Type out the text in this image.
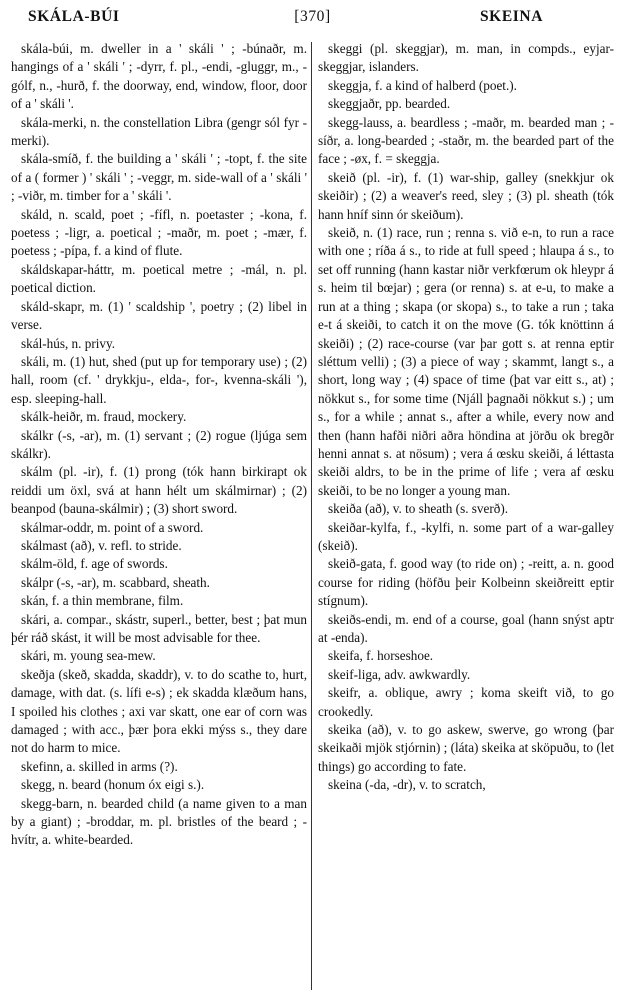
SKÁLA-BÚI	[370]	SKEINA

skála-búi, m. dweller in a ' skáli ' ; -búnaðr, m. hangings of a ' skáli ' ; -dyrr, f. pl., -endi, -gluggr, m., -gólf, n., -hurð, f. the doorway, end, window, floor, door of a ' skáli '.

skála-merki, n. the constellation Libra (gengr sól fyr -merki).

skála-smíð, f. the building a ' skáli ' ; -topt, f. the site of a ( former ) ' skáli ' ; -veggr, m. side-wall of a ' skáli ' ; -viðr, m. timber for a ' skáli '.

skáld, n. scald, poet ; -fífl, n. poetaster ; -kona, f. poetess ; -ligr, a. poetical ; -maðr, m. poet ; -mær, f. poetess ; -pípa, f. a kind of flute.

skáldskapar-háttr, m. poetical metre ; -mál, n. pl. poetical diction.

skáld-skapr, m. (1) ' scaldship ', poetry ; (2) libel in verse.

skál-hús, n. privy.

skáli, m. (1) hut, shed (put up for temporary use) ; (2) hall, room (cf. ' drykkju-, elda-, for-, kvenna-skáli '), esp. sleeping-hall.

skálk-heiðr, m. fraud, mockery.

skálkr (-s, -ar), m. (1) servant ; (2) rogue (ljúga sem skálkr).

skálm (pl. -ir), f. (1) prong (tók hann birkirapt ok reiddi um öxl, svá at hann hélt um skálmirnar) ; (2) beanpod (bauna-skálmir) ; (3) short sword.

skálmar-oddr, m. point of a sword.

skálmast (að), v. refl. to stride.

skálm-öld, f. age of swords.

skálpr (-s, -ar), m. scabbard, sheath.

skán, f. a thin membrane, film.

skári, a. compar., skástr, superl., better, best ; þat mun þér ráð skást, it will be most advisable for thee.

skári, m. young sea-mew.

skeðja (skeð, skadda, skaddr), v. to do scathe to, hurt, damage, with dat. (s. lífi e-s) ; ek skadda klæðum hans, I spoiled his clothes ; axi var skatt, one ear of corn was damaged ; with acc., þær þora ekki mýss s., they dare not do harm to mice.

skefinn, a. skilled in arms (?).

skegg, n. beard (honum óx eigi s.).

skegg-barn, n. bearded child (a name given to a man by a giant) ; -broddar, m. pl. bristles of the beard ; -hvítr, a. white-bearded.

skeggi (pl. skeggjar), m. man, in compds., eyjar-skeggjar, islanders.

skeggja, f. a kind of halberd (poet.).

skeggjaðr, pp. bearded.

skegg-lauss, a. beardless ; -maðr, m. bearded man ; -síðr, a. long-bearded ; -staðr, m. the bearded part of the face ; -øx, f. = skeggja.

skeið (pl. -ir), f. (1) war-ship, galley (snekkjur ok skeiðir) ; (2) a weaver's reed, sley ; (3) pl. sheath (tók hann hníf sinn ór skeiðum).

skeið, n. (1) race, run ; renna s. við e-n, to run a race with one ; ríða á s., to ride at full speed ; hlaupa á s., to set off running (hann kastar niðr verkfœrum ok hleypr á s. heim til bœjar) ; gera (or renna) s. at e-u, to make a run at a thing ; skapa (or skopa) s., to take a run ; taka e-t á skeiði, to catch it on the move (G. tók knöttinn á skeiði) ; (2) race-course (var þar gott s. at renna eptir sléttum velli) ; (3) a piece of way ; skammt, langt s., a short, long way ; (4) space of time (þat var eitt s., at) ; nökkut s., for some time (Njáll þagnaði nökkut s.) ; um s., for a while ; annat s., after a while, every now and then (hann hafði niðri aðra höndina at jörðu ok bregðr henni annat s. at nösum) ; vera á œsku skeiði, á léttasta skeiði aldrs, to be in the prime of life ; vera af œsku skeiði, to be no longer a young man.

skeiða (að), v. to sheath (s. sverð).

skeiðar-kylfa, f., -kylfi, n. some part of a war-galley (skeið).

skeið-gata, f. good way (to ride on) ; -reitt, a. n. good course for riding (höfðu þeir Kolbeinn skeiðreitt eptir stígnum).

skeiðs-endi, m. end of a course, goal (hann snýst aptr at -enda).

skeifa, f. horseshoe.

skeif-liga, adv. awkwardly.

skeifr, a. oblique, awry ; koma skeift við, to go crookedly.

skeika (að), v. to go askew, swerve, go wrong (þar skeikaði mjök stjórnin) ; (láta) skeika at sköpuðu, to (let things) go according to fate.

skeina (-da, -dr), v. to scratch,
